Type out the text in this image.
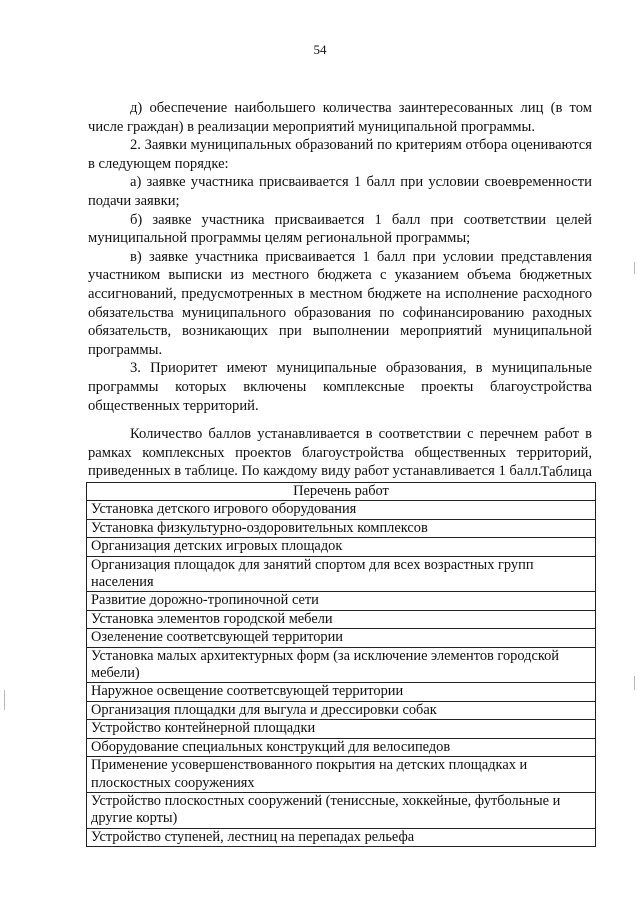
54

д) обеспечение наибольшего количества заинтересованных лиц (в том числе граждан) в реализации мероприятий муниципальной программы.

2. Заявки муниципальных образований по критериям отбора оцениваются в следующем порядке:

а) заявке участника присваивается 1 балл при условии своевременности подачи заявки;

б) заявке участника присваивается 1 балл при соответствии целей муниципальной программы целям региональной программы;

в) заявке участника присваивается 1 балл при условии представления участником выписки из местного бюджета с указанием объема бюджетных ассигнований, предусмотренных в местном бюджете на исполнение расходного обязательства муниципального образования по софинансированию раходных обязательств, возникающих при выполнении мероприятий муниципальной программы.

3. Приоритет имеют муниципальные образования, в муниципальные программы которых включены комплексные проекты благоустройства общественных территорий.

Количество баллов устанавливается в соответствии с перечнем работ в рамках комплексных проектов благоустройства общественных территорий, приведенных в таблице. По каждому виду работ устанавливается 1 балл.

Таблица
Перечень работ
Установка детского игрового оборудования
Установка физкультурно-оздоровительных комплексов
Организация детских игровых площадок
Организация площадок для занятий спортом для всех возрастных групп населения
Развитие дорожно-тропиночной сети
Установка элементов городской мебели
Озеленение соответсвующей территории
Установка малых архитектурных форм (за исключение элементов городской мебели)
Наружное освещение соответсвующей территории
Организация площадки для выгула и дрессировки собак
Устройство контейнерной площадки
Оборудование специальных конструкций для велосипедов
Применение усовершенствованного покрытия на детских площадках и плоскостных сооружениях
Устройство плоскостных сооружений (тениссные, хоккейные, футбольные и другие корты)
Устройство ступеней, лестниц на перепадах рельефа
